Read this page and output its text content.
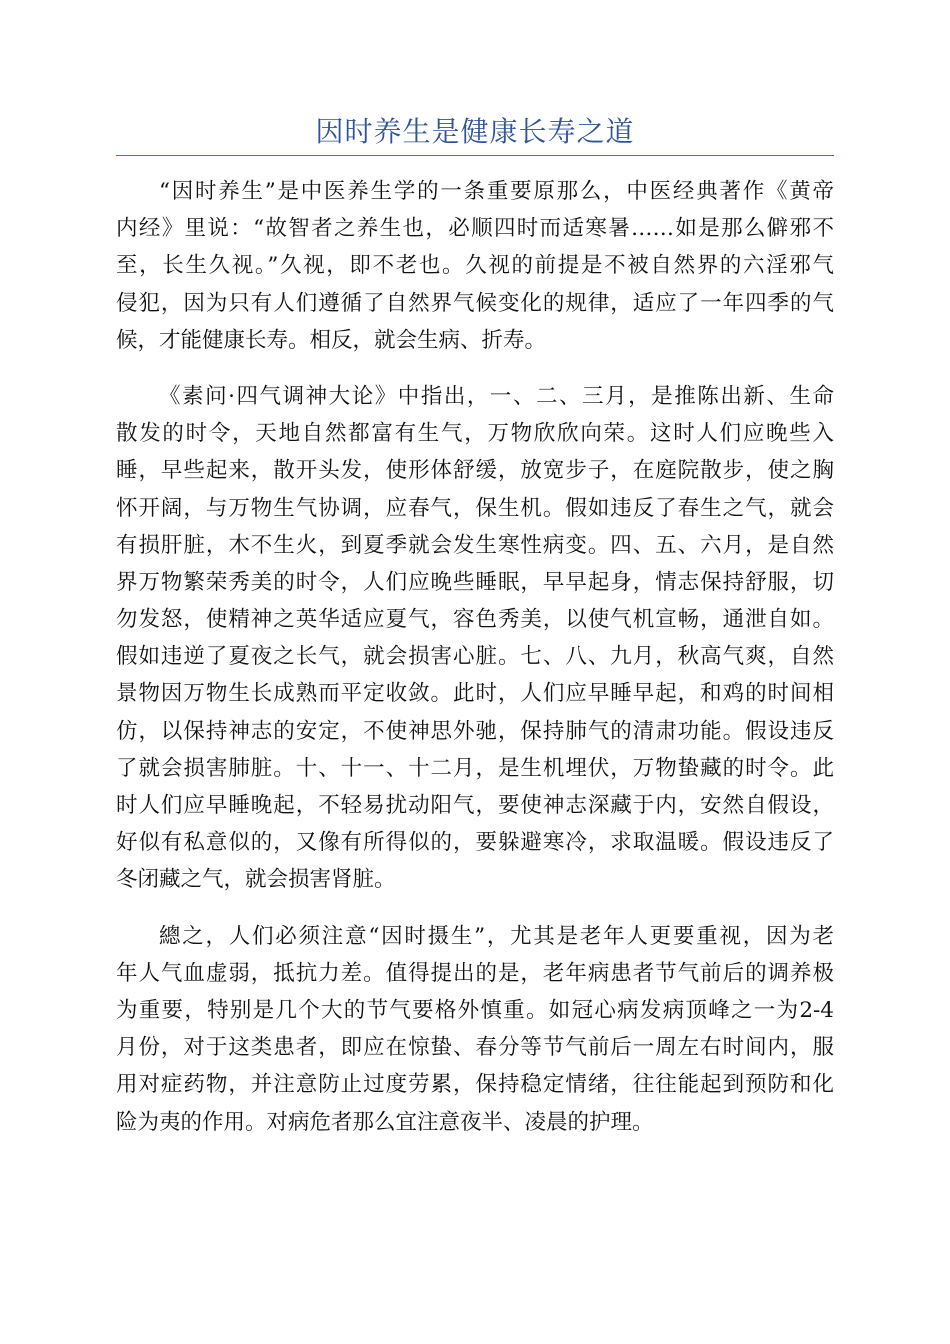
因时养生是健康长寿之道
“因时养生”是中医养生学的一条重要原那么，中医经典著作《黄帝
内经》里说：“故智者之养生也，必顺四时而适寒暑……如是那么僻邪不
至，长生久视。”久视，即不老也。久视的前提是不被自然界的六淫邪气
侵犯，因为只有人们遵循了自然界气候变化的规律，适应了一年四季的气
候，才能健康长寿。相反，就会生病、折寿。
《素问·四气调神大论》中指出，一、二、三月，是推陈出新、生命
散发的时令，天地自然都富有生气，万物欣欣向荣。这时人们应晚些入
睡，早些起来，散开头发，使形体舒缓，放宽步子，在庭院散步，使之胸
怀开阔，与万物生气协调，应春气，保生机。假如违反了春生之气，就会
有损肝脏，木不生火，到夏季就会发生寒性病变。四、五、六月，是自然
界万物繁荣秀美的时令，人们应晚些睡眠，早早起身，情志保持舒服，切
勿发怒，使精神之英华适应夏气，容色秀美，以使气机宣畅，通泄自如。
假如违逆了夏夜之长气，就会损害心脏。七、八、九月，秋高气爽，自然
景物因万物生长成熟而平定收敛。此时，人们应早睡早起，和鸡的时间相
仿，以保持神志的安定，不使神思外驰，保持肺气的清肃功能。假设违反
了就会损害肺脏。十、十一、十二月，是生机埋伏，万物蛰藏的时令。此
时人们应早睡晚起，不轻易扰动阳气，要使神志深藏于内，安然自假设，
好似有私意似的，又像有所得似的，要躲避寒冷，求取温暖。假设违反了
冬闭藏之气，就会损害肾脏。
總之，人们必须注意“因时摄生”，尤其是老年人更要重视，因为老
年人气血虚弱，抵抗力差。值得提出的是，老年病患者节气前后的调养极
为重要，特别是几个大的节气要格外慎重。如冠心病发病顶峰之一为2-4
月份，对于这类患者，即应在惊蛰、春分等节气前后一周左右时间内，服
用对症药物，并注意防止过度劳累，保持稳定情绪，往往能起到预防和化
险为夷的作用。对病危者那么宜注意夜半、凌晨的护理。
